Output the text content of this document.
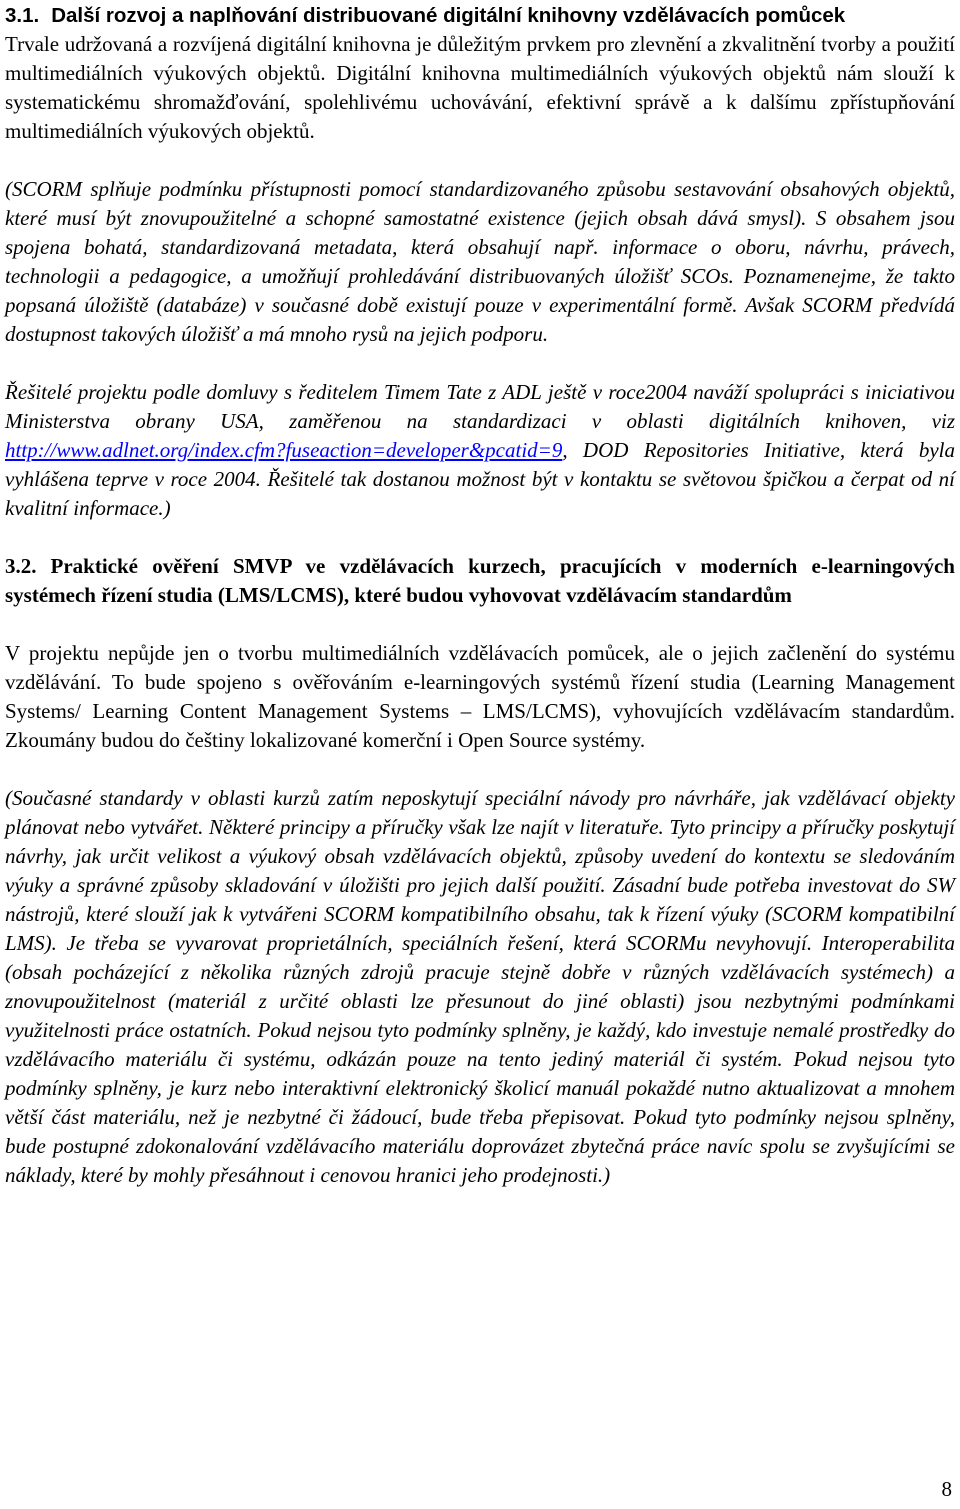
3.1. Další rozvoj a naplňování distribuované digitální knihovny vzdělávacích pomůcek

Trvale udržovaná a rozvíjená digitální knihovna je důležitým prvkem pro zlevnění a zkvalitnění tvorby a použití multimediálních výukových objektů. Digitální knihovna multimediálních výukových objektů nám slouží k systematickému shromažďování, spolehlivému uchovávání, efektivní správě a k dalšímu zpřístupňování multimediálních výukových objektů.

(SCORM splňuje podmínku přístupnosti pomocí standardizovaného způsobu sestavování obsahových objektů, které musí být znovupoužitelné a schopné samostatné existence (jejich obsah dává smysl). S obsahem jsou spojena bohatá, standardizovaná metadata, která obsahují např. informace o oboru, návrhu, právech, technologii a pedagogice, a umožňují prohledávání distribuovaných úložišť SCOs. Poznamenejme, že takto popsaná úložiště (databáze) v současné době existují pouze v experimentální formě. Avšak SCORM předvídá dostupnost takových úložišť a má mnoho rysů na jejich podporu.

Řešitelé projektu podle domluvy s ředitelem Timem Tate z ADL ještě v roce2004 naváží spolupráci s iniciativou Ministerstva obrany USA, zaměřenou na standardizaci v oblasti digitálních knihoven, viz http://www.adlnet.org/index.cfm?fuseaction=developer&pcatid=9, DOD Repositories Initiative, která byla vyhlášena teprve v roce 2004. Řešitelé tak dostanou možnost být v kontaktu se světovou špičkou a čerpat od ní kvalitní informace.)

3.2. Praktické ověření SMVP ve vzdělávacích kurzech, pracujících v moderních e-learningových systémech řízení studia (LMS/LCMS), které budou vyhovovat vzdělávacím standardům

V projektu nepůjde jen o tvorbu multimediálních vzdělávacích pomůcek, ale o jejich začlenění do systému vzdělávání. To bude spojeno s ověřováním e-learningových systémů řízení studia (Learning Management Systems/ Learning Content Management Systems – LMS/LCMS), vyhovujících vzdělávacím standardům. Zkoumány budou do češtiny lokalizované komerční i Open Source systémy.

(Současné standardy v oblasti kurzů zatím neposkytují speciální návody pro návrháře, jak vzdělávací objekty plánovat nebo vytvářet. Některé principy a příručky však lze najít v literatuře. Tyto principy a příručky poskytují návrhy, jak určit velikost a výukový obsah vzdělávacích objektů, způsoby uvedení do kontextu se sledováním výuky a správné způsoby skladování v úložišti pro jejich další použití. Zásadní bude potřeba investovat do SW nástrojů, které slouží jak k vytvářeni SCORM kompatibilního obsahu, tak k řízení výuky (SCORM kompatibilní LMS). Je třeba se vyvarovat proprietálních, speciálních řešení, která SCORMu nevyhovují. Interoperabilita (obsah pocházející z několika různých zdrojů pracuje stejně dobře v různých vzdělávacích systémech) a znovupoužitelnost (materiál z určité oblasti lze přesunout do jiné oblasti) jsou nezbytnými podmínkami využitelnosti práce ostatních. Pokud nejsou tyto podmínky splněny, je každý, kdo investuje nemalé prostředky do vzdělávacího materiálu či systému, odkázán pouze na tento jediný materiál či systém. Pokud nejsou tyto podmínky splněny, je kurz nebo interaktivní elektronický školicí manuál pokaždé nutno aktualizovat a mnohem větší část materiálu, než je nezbytné či žádoucí, bude třeba přepisovat. Pokud tyto podmínky nejsou splněny, bude postupné zdokonalování vzdělávacího materiálu doprovázet zbytečná práce navíc spolu se zvyšujícími se náklady, které by mohly přesáhnout i cenovou hranici jeho prodejnosti.)

8
